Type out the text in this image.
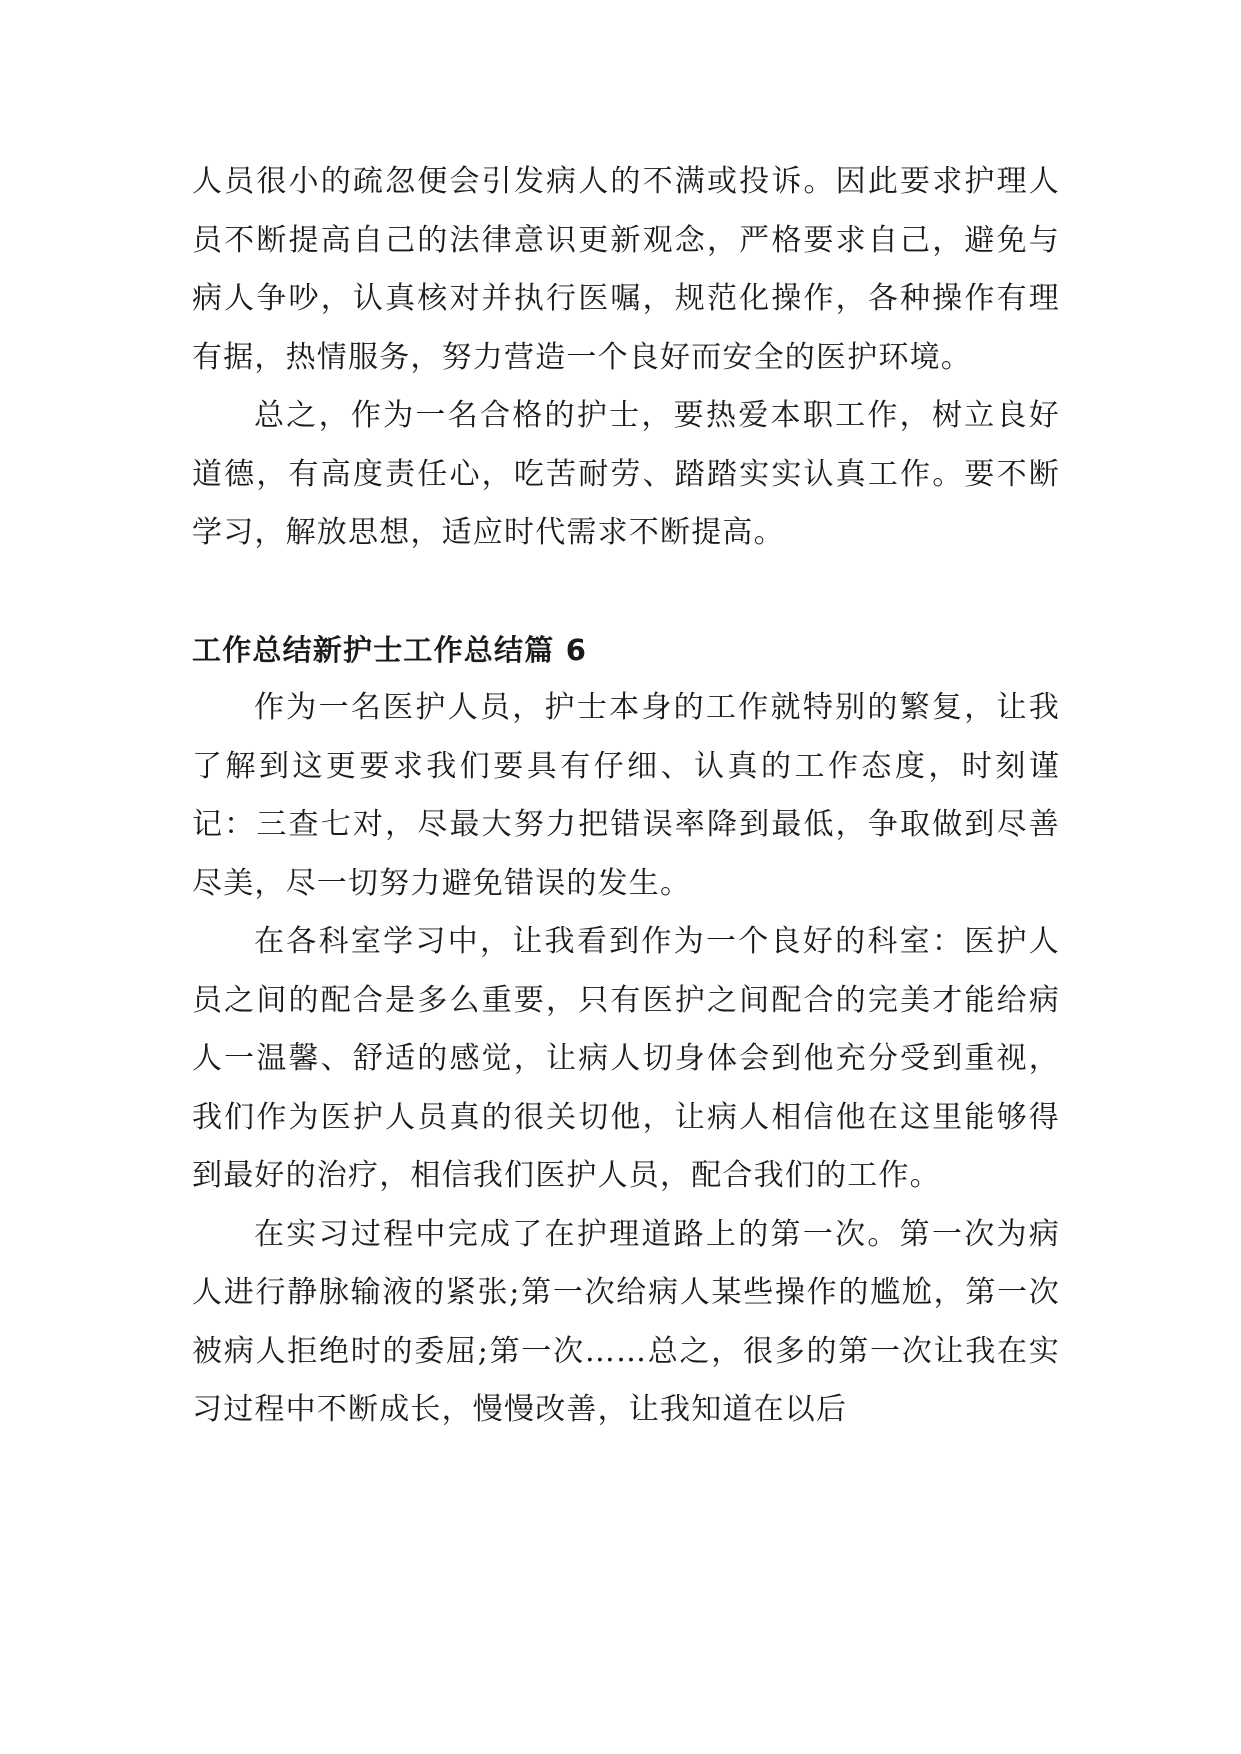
人员很小的疏忽便会引发病人的不满或投诉。因此要求护理人员不断提高自己的法律意识更新观念，严格要求自己，避免与病人争吵，认真核对并执行医嘱，规范化操作，各种操作有理有据，热情服务，努力营造一个良好而安全的医护环境。

总之，作为一名合格的护士，要热爱本职工作，树立良好道德，有高度责任心，吃苦耐劳、踏踏实实认真工作。要不断学习，解放思想，适应时代需求不断提高。

工作总结新护士工作总结篇 6

作为一名医护人员，护士本身的工作就特别的繁复，让我了解到这更要求我们要具有仔细、认真的工作态度，时刻谨记：三查七对，尽最大努力把错误率降到最低，争取做到尽善尽美，尽一切努力避免错误的发生。

在各科室学习中，让我看到作为一个良好的科室：医护人员之间的配合是多么重要，只有医护之间配合的完美才能给病人一温馨、舒适的感觉，让病人切身体会到他充分受到重视，我们作为医护人员真的很关切他，让病人相信他在这里能够得到最好的治疗，相信我们医护人员，配合我们的工作。

在实习过程中完成了在护理道路上的第一次。第一次为病人进行静脉输液的紧张;第一次给病人某些操作的尴尬，第一次被病人拒绝时的委屈;第一次……总之，很多的第一次让我在实习过程中不断成长，慢慢改善，让我知道在以后
